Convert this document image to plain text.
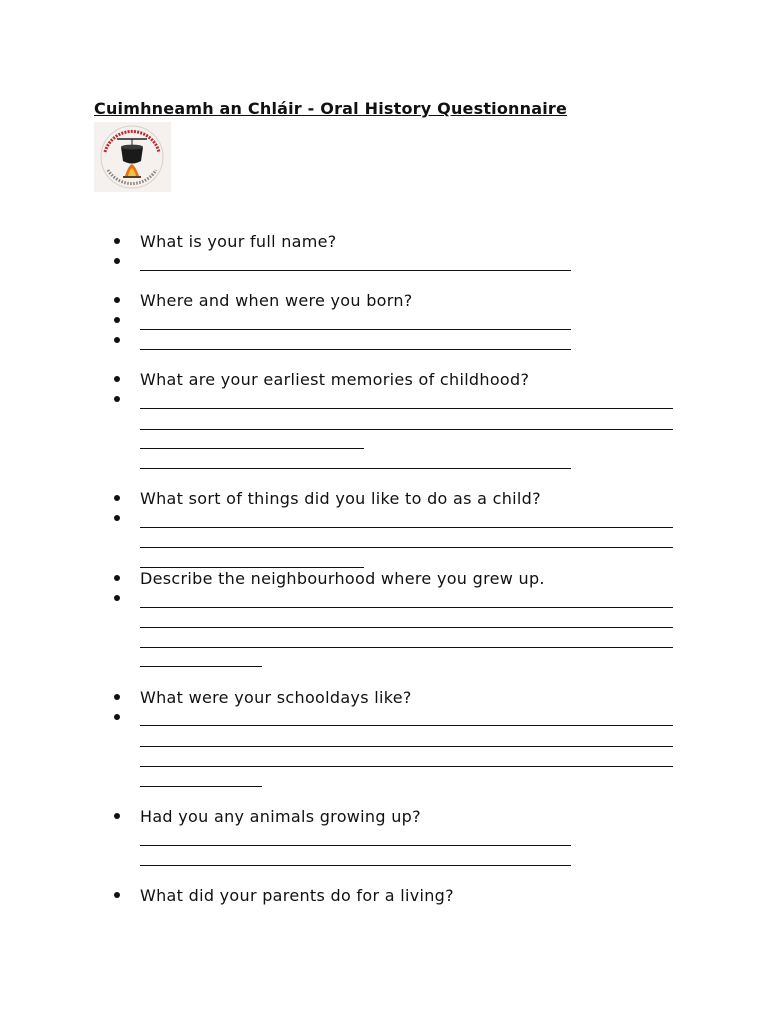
Cuimhneamh an Chláir - Oral History Questionnaire
What is your full name?
Where and when were you born?
What are your earliest memories of childhood?
What sort of things did you like to do as a child?
Describe the neighbourhood where you grew up.
What were your schooldays like?
Had you any animals growing up?
What did your parents do for a living?
